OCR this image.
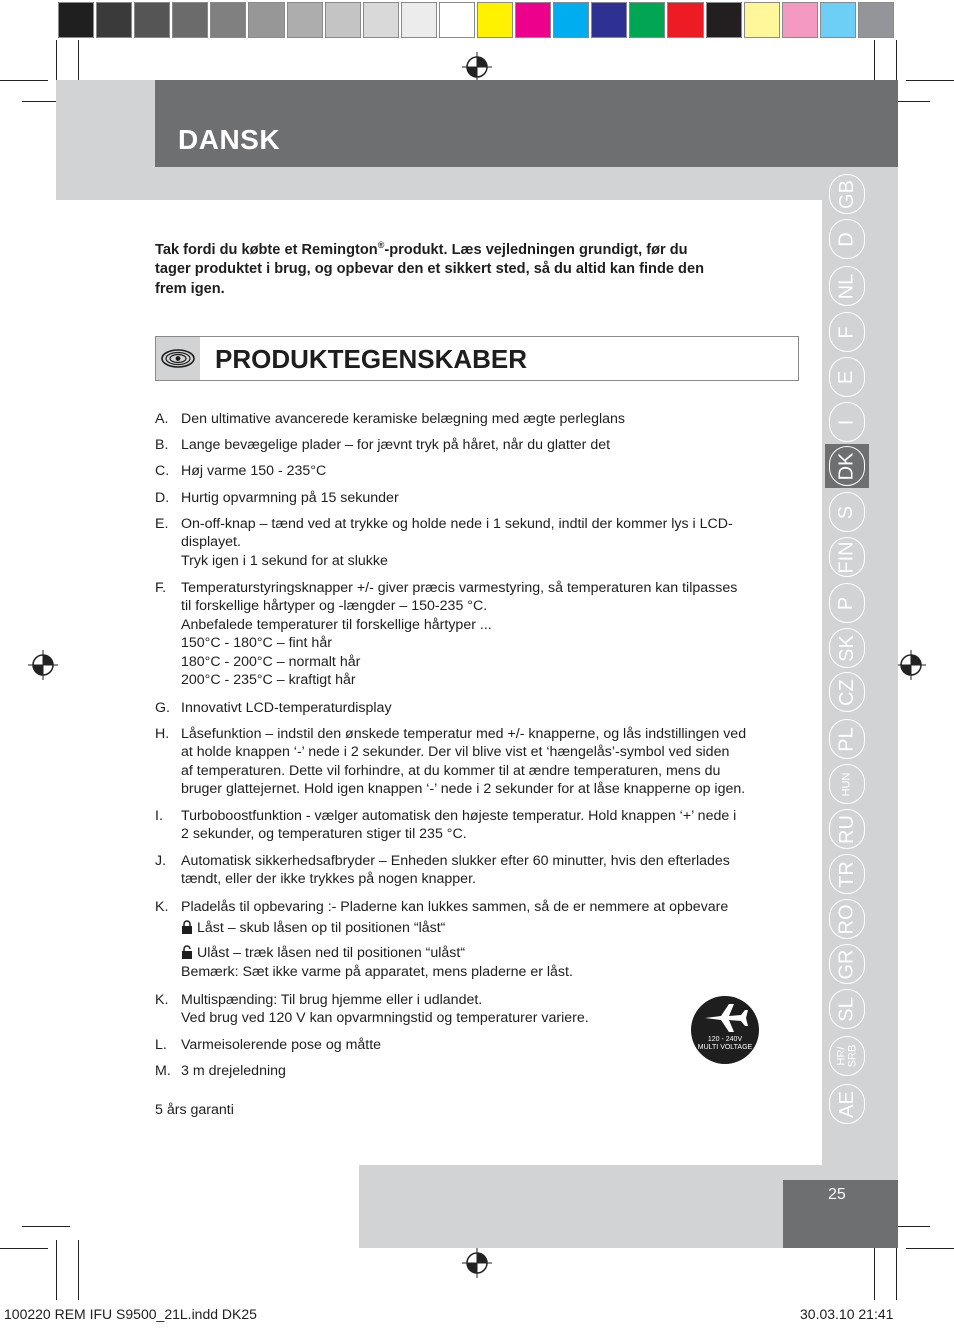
DANSK
GB
D
NL
F
E
I
DK
S
FIN
P
SK
CZ
PL
HUN
RU
TR
RO
GR
SL
HR/ SRB
AE
25
Tak fordi du købte et Remington®-produkt. Læs vejledningen grundigt, før du
tager produktet i brug, og opbevar den et sikkert sted, så du altid kan finde den
frem igen.
PRODUKTEGENSKABER
A. Den ultimative avancerede keramiske belægning med ægte perleglans
B. Lange bevægelige plader – for jævnt tryk på håret, når du glatter det
C. Høj varme 150 - 235°C
D. Hurtig opvarmning på 15 sekunder
E. On-off-knap – tænd ved at trykke og holde nede i 1 sekund, indtil der kommer lys i LCD-
displayet.
Tryk igen i 1 sekund for at slukke
F.	Temperaturstyringsknapper +/- giver præcis varmestyring, så temperaturen kan tilpasses
til forskellige hårtyper og -længder – 150-235 °C.
Anbefalede temperaturer til forskellige hårtyper ...
150°C - 180°C – fint hår
180°C - 200°C – normalt hår
200°C - 235°C – kraftigt hår
G. Innovativt LCD-temperaturdisplay
H. Låsefunktion – indstil den ønskede temperatur med +/- knapperne, og lås indstillingen ved
at holde knappen ‘-’ nede i 2 sekunder. Der vil blive vist et ‘hængelås’-symbol ved siden
af temperaturen. Dette vil forhindre, at du kommer til at ændre temperaturen, mens du
bruger glattejernet. Hold igen knappen ‘-’ nede i 2 sekunder for at låse knapperne op igen.
I.	Turboboostfunktion - vælger automatisk den højeste temperatur. Hold knappen ‘+’ nede i
2 sekunder, og temperaturen stiger til 235 °C.
J.	Automatisk sikkerhedsafbryder – Enheden slukker efter 60 minutter, hvis den efterlades
tændt, eller der ikke trykkes på nogen knapper.
K. Pladelås til opbevaring :- Pladerne kan lukkes sammen, så de er nemmere at opbevare
K. Multispænding: Til brug hjemme eller i udlandet.
Ved brug ved 120 V kan opvarmningstid og temperaturer variere.
L. Varmeisolerende pose og måtte
M. 3 m drejeledning
Låst – skub låsen op til positionen “låst“
Ulåst – træk låsen ned til positionen “ulåst“
Bemærk: Sæt ikke varme på apparatet, mens pladerne er låst.
120 - 240V
MULTI VOLTAGE
5 års garanti
100220 REM IFU S9500_21L.indd DK25	30.03.10 21:41
